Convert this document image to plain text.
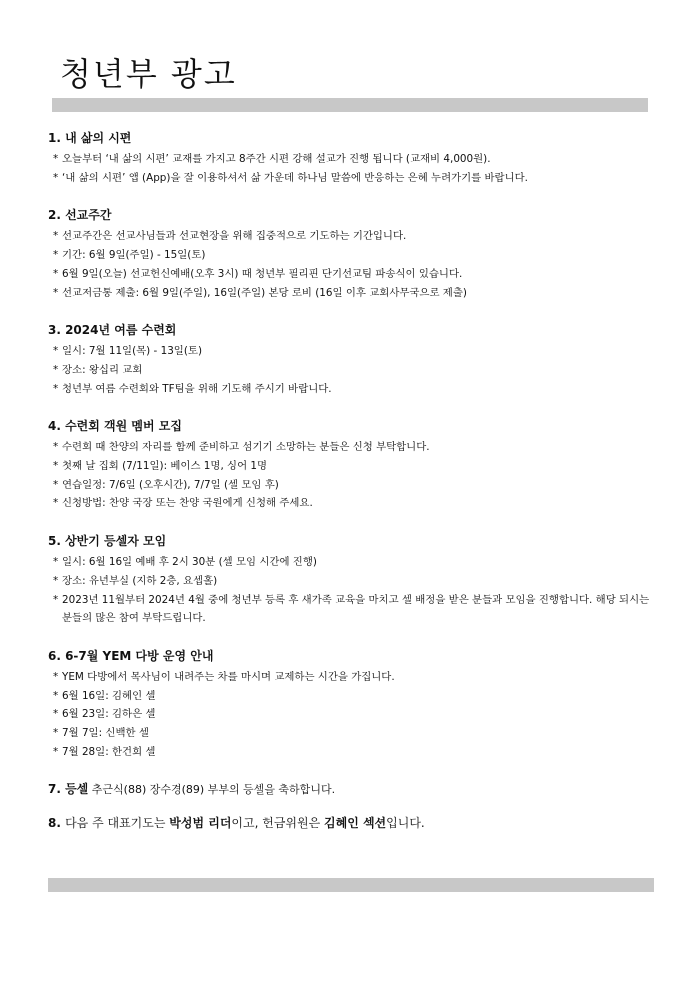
청년부 광고
1. 내 삶의 시편
* 오늘부터 ‘내 삶의 시편’ 교재를 가지고 8주간 시편 강해 설교가 진행 됩니다 (교재비 4,000원).
* ‘내 삶의 시편’ 앱 (App)을 잘 이용하셔서 삶 가운데 하나님 말씀에 반응하는 은혜 누려가기를 바랍니다.
2. 선교주간
* 선교주간은 선교사님들과 선교현장을 위해 집중적으로 기도하는 기간입니다.
* 기간: 6월 9일(주일) - 15일(토)
* 6월 9일(오늘) 선교헌신예배(오후 3시) 때 청년부 필리핀 단기선교팀 파송식이 있습니다.
* 선교저금통 제출: 6월 9일(주일), 16일(주일) 본당 로비 (16일 이후 교회사무국으로 제출)
3. 2024년 여름 수련회
* 일시: 7월 11일(목) - 13일(토)
* 장소: 왕십리 교회
* 청년부 여름 수련회와 TF팀을 위해 기도해 주시기 바랍니다.
4. 수련회 객원 멤버 모집
* 수련회 때 찬양의 자리를 함께 준비하고 섬기기 소망하는 분들은 신청 부탁합니다.
* 첫째 날 집회 (7/11일): 베이스 1명, 싱어 1명
* 연습일정: 7/6일 (오후시간), 7/7일 (셀 모임 후)
* 신청방법: 찬양 국장 또는 찬양 국원에게 신청해 주세요.
5. 상반기 등셀자 모임
* 일시: 6월 16일 예배 후 2시 30분 (셀 모임 시간에 진행)
* 장소: 유년부실 (지하 2층, 요셉홀)
* 2023년 11월부터 2024년 4월 중에 청년부 등록 후 새가족 교육을 마치고 셀 배정을 받은 분들과 모임을 진행합니다. 해당 되시는 분들의 많은 참여 부탁드립니다.
6. 6-7월 YEM 다방 운영 안내
* YEM 다방에서 목사님이 내려주는 차를 마시며 교제하는 시간을 가집니다.
* 6월 16일: 김혜인 셀
* 6월 23일: 김하은 셀
* 7월 7일: 신백한 셀
* 7월 28일: 한건희 셀

7. 등셀 추근식(88) 장수경(89) 부부의 등셀을 축하합니다.

8. 다음 주 대표기도는 박성범 리더이고, 헌금위원은 김혜인 섹션입니다.
